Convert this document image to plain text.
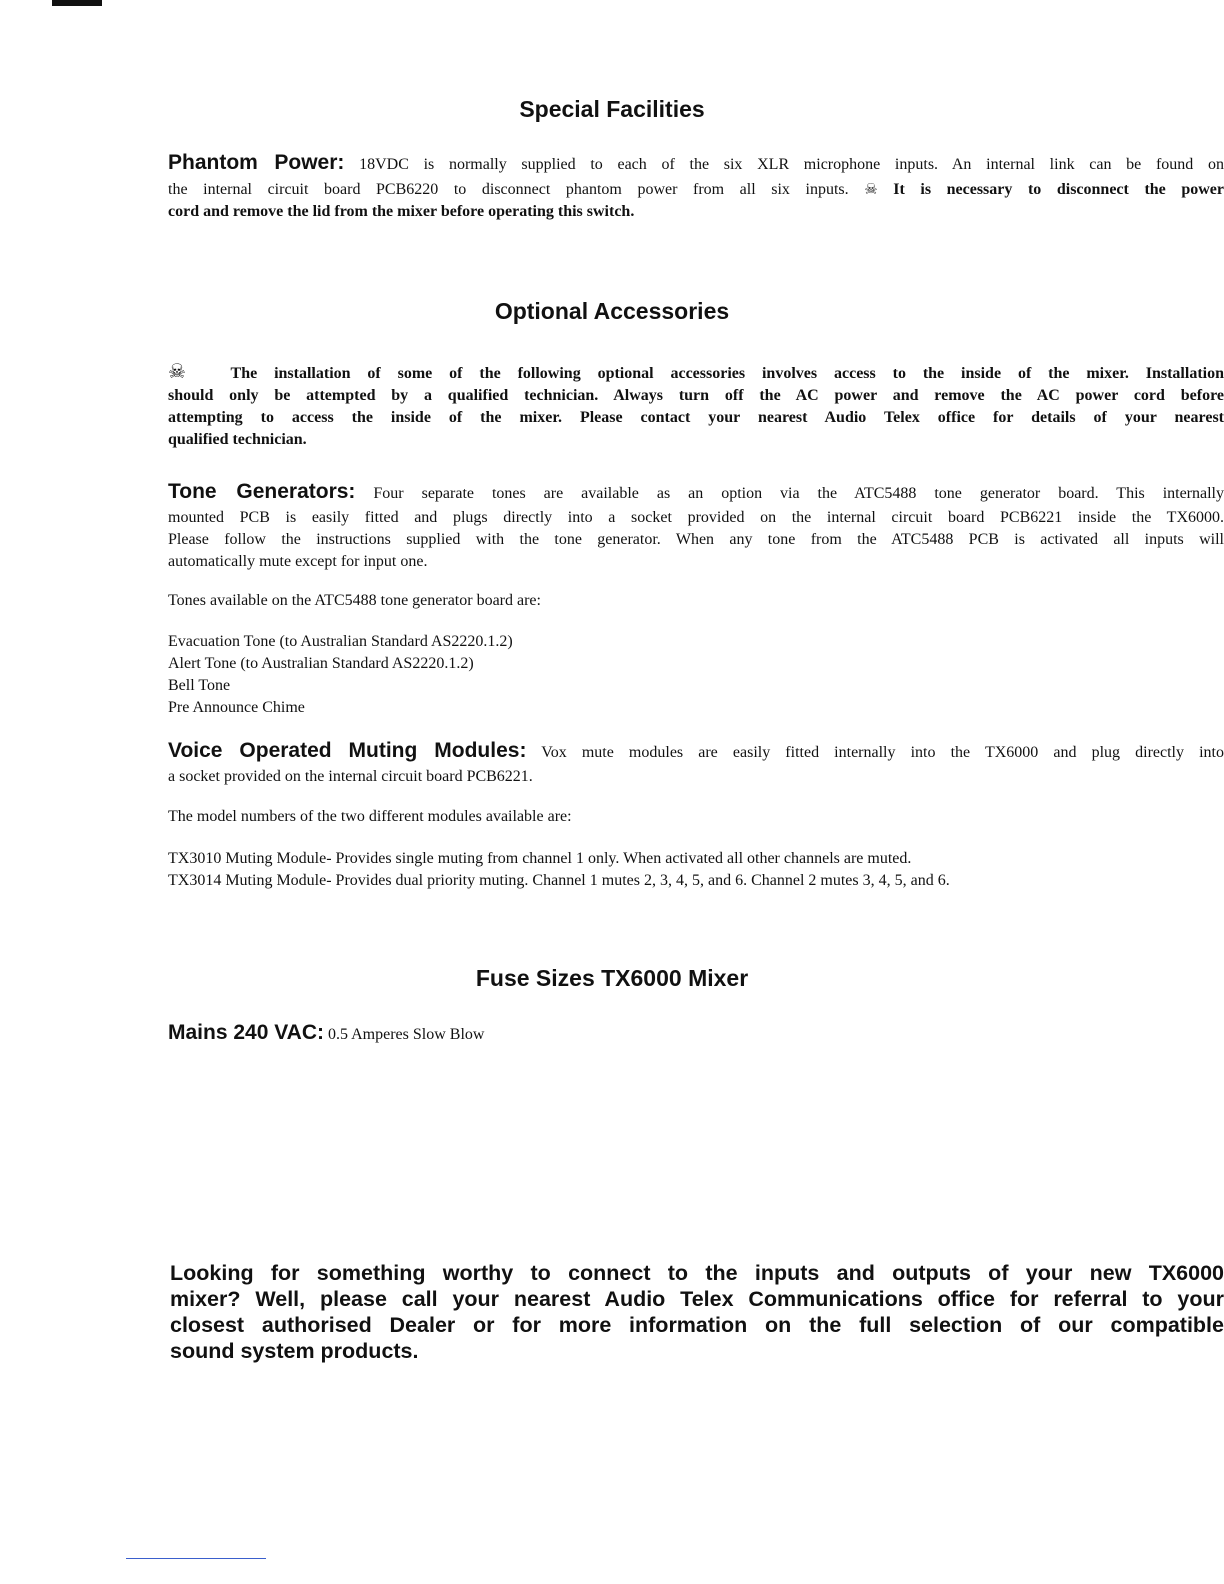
Special Facilities
Phantom Power: 18VDC is normally supplied to each of the six XLR microphone inputs. An internal link can be found on
the internal circuit board PCB6220 to disconnect phantom power from all six inputs. ☠ It is necessary to disconnect the power
cord and remove the lid from the mixer before operating this switch.
Optional Accessories
☠	The installation of some of the following optional accessories involves access to the inside of the mixer. Installation
should only be attempted by a qualified technician. Always turn off the AC power and remove the AC power cord before
attempting to access the inside of the mixer. Please contact your nearest Audio Telex office for details of your nearest
qualified technician.
Tone Generators: Four separate tones are available as an option via the ATC5488 tone generator board. This internally
mounted PCB is easily fitted and plugs directly into a socket provided on the internal circuit board PCB6221 inside the TX6000.
Please follow the instructions supplied with the tone generator. When any tone from the ATC5488 PCB is activated all inputs will
automatically mute except for input one.
Tones available on the ATC5488 tone generator board are:
Evacuation Tone (to Australian Standard AS2220.1.2)
Alert Tone (to Australian Standard AS2220.1.2)
Bell Tone
Pre Announce Chime
Voice Operated Muting Modules: Vox mute modules are easily fitted internally into the TX6000 and plug directly into
a socket provided on the internal circuit board PCB6221.
The model numbers of the two different modules available are:
TX3010 Muting Module- Provides single muting from channel 1 only. When activated all other channels are muted.
TX3014 Muting Module- Provides dual priority muting. Channel 1 mutes 2, 3, 4, 5, and 6. Channel 2 mutes 3, 4, 5, and 6.
Fuse Sizes TX6000 Mixer
Mains 240 VAC: 0.5 Amperes Slow Blow
Looking for something worthy to connect to the inputs and outputs of your new TX6000
mixer? Well, please call your nearest Audio Telex Communications office for referral to your
closest authorised Dealer or for more information on the full selection of our compatible
sound system products.
